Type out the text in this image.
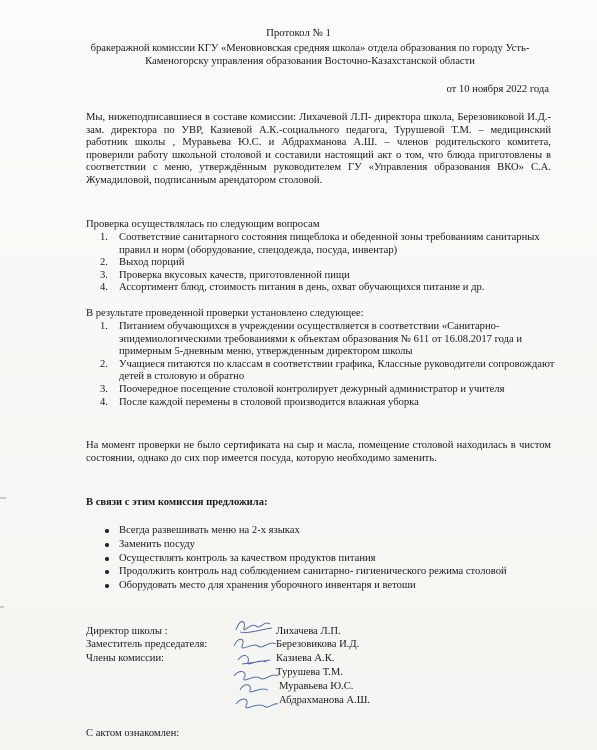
Протокол № 1
бракеражной комиссии КГУ «Меновновская средняя школа» отдела образования по городу Усть- Каменогорску управления образования Восточно-Казахстанской области
от 10 ноября 2022 года
Мы, нижеподписавшиеся в составе комиссии: Лихачевой Л.П- директора школа, Березовиковой И.Д.- зам. директора по УВР, Казиевой А.К.-социального педагога, Турушевой Т.М. – медицинский работник школы , Муравьева Ю.С. и Абдрахманова А.Ш. – членов родительского комитета, проверили работу школьной столовой и составили настоящий акт о том, что блюда приготовлены в соответствии с меню, утверждённым руководителем ГУ «Управления образования ВКО» С.А. Жумадиловой, подписанным арендатором столовой.
Проверка осуществлялась по следующим вопросам
1. Соответствие санитарного состояния пищеблока и обеденной зоны требованиям санитарных правил и норм (оборудование, спецодежда, посуда, инвентар)
2. Выход порций
3. Проверка вкусовых качеств, приготовленной пищи
4. Ассортимент блюд, стоимость питания в день, охват обучающихся питание и др.
В результате проведенной проверки установлено следующее:
1. Питанием обучающихся в учреждении осуществляется в соответствии «Санитарно- эпидемиологическими требованиями к объектам образования № 611 от 16.08.2017 года и примерным 5-дневным меню, утвержденным директором школы
2. Учащиеся питаются по классам в соответствии графика, Классные руководители сопровождают детей в столовую и обратно
3. Поочередное посещение столовой контролирует дежурный администратор и учителя
4. После каждой перемены в столовой производится влажная уборка
На момент проверки не было сертификата на сыр и масла, помещение столовой находилась в чистом состоянии, однако до сих пор имеется посуда, которую необходимо заменить.
В связи с этим комиссия предложила:
Всегда развешивать меню на 2-х языках
Заменить посуду
Осуществлять контроль за качеством продуктов питания
Продолжить контроль над соблюдением санитарно- гигиенического режима столовой
Оборудовать место для хранения уборочного инвентаря и ветоши
Директор школы :	Лихачева Л.П.
Заместитель председателя:	Березовикова И.Д.
Члены комиссии:	Казиева А.К.
Турушева Т.М.
Муравьева Ю.С.
Абдрахманова А.Ш.
С актом ознакомлен:
